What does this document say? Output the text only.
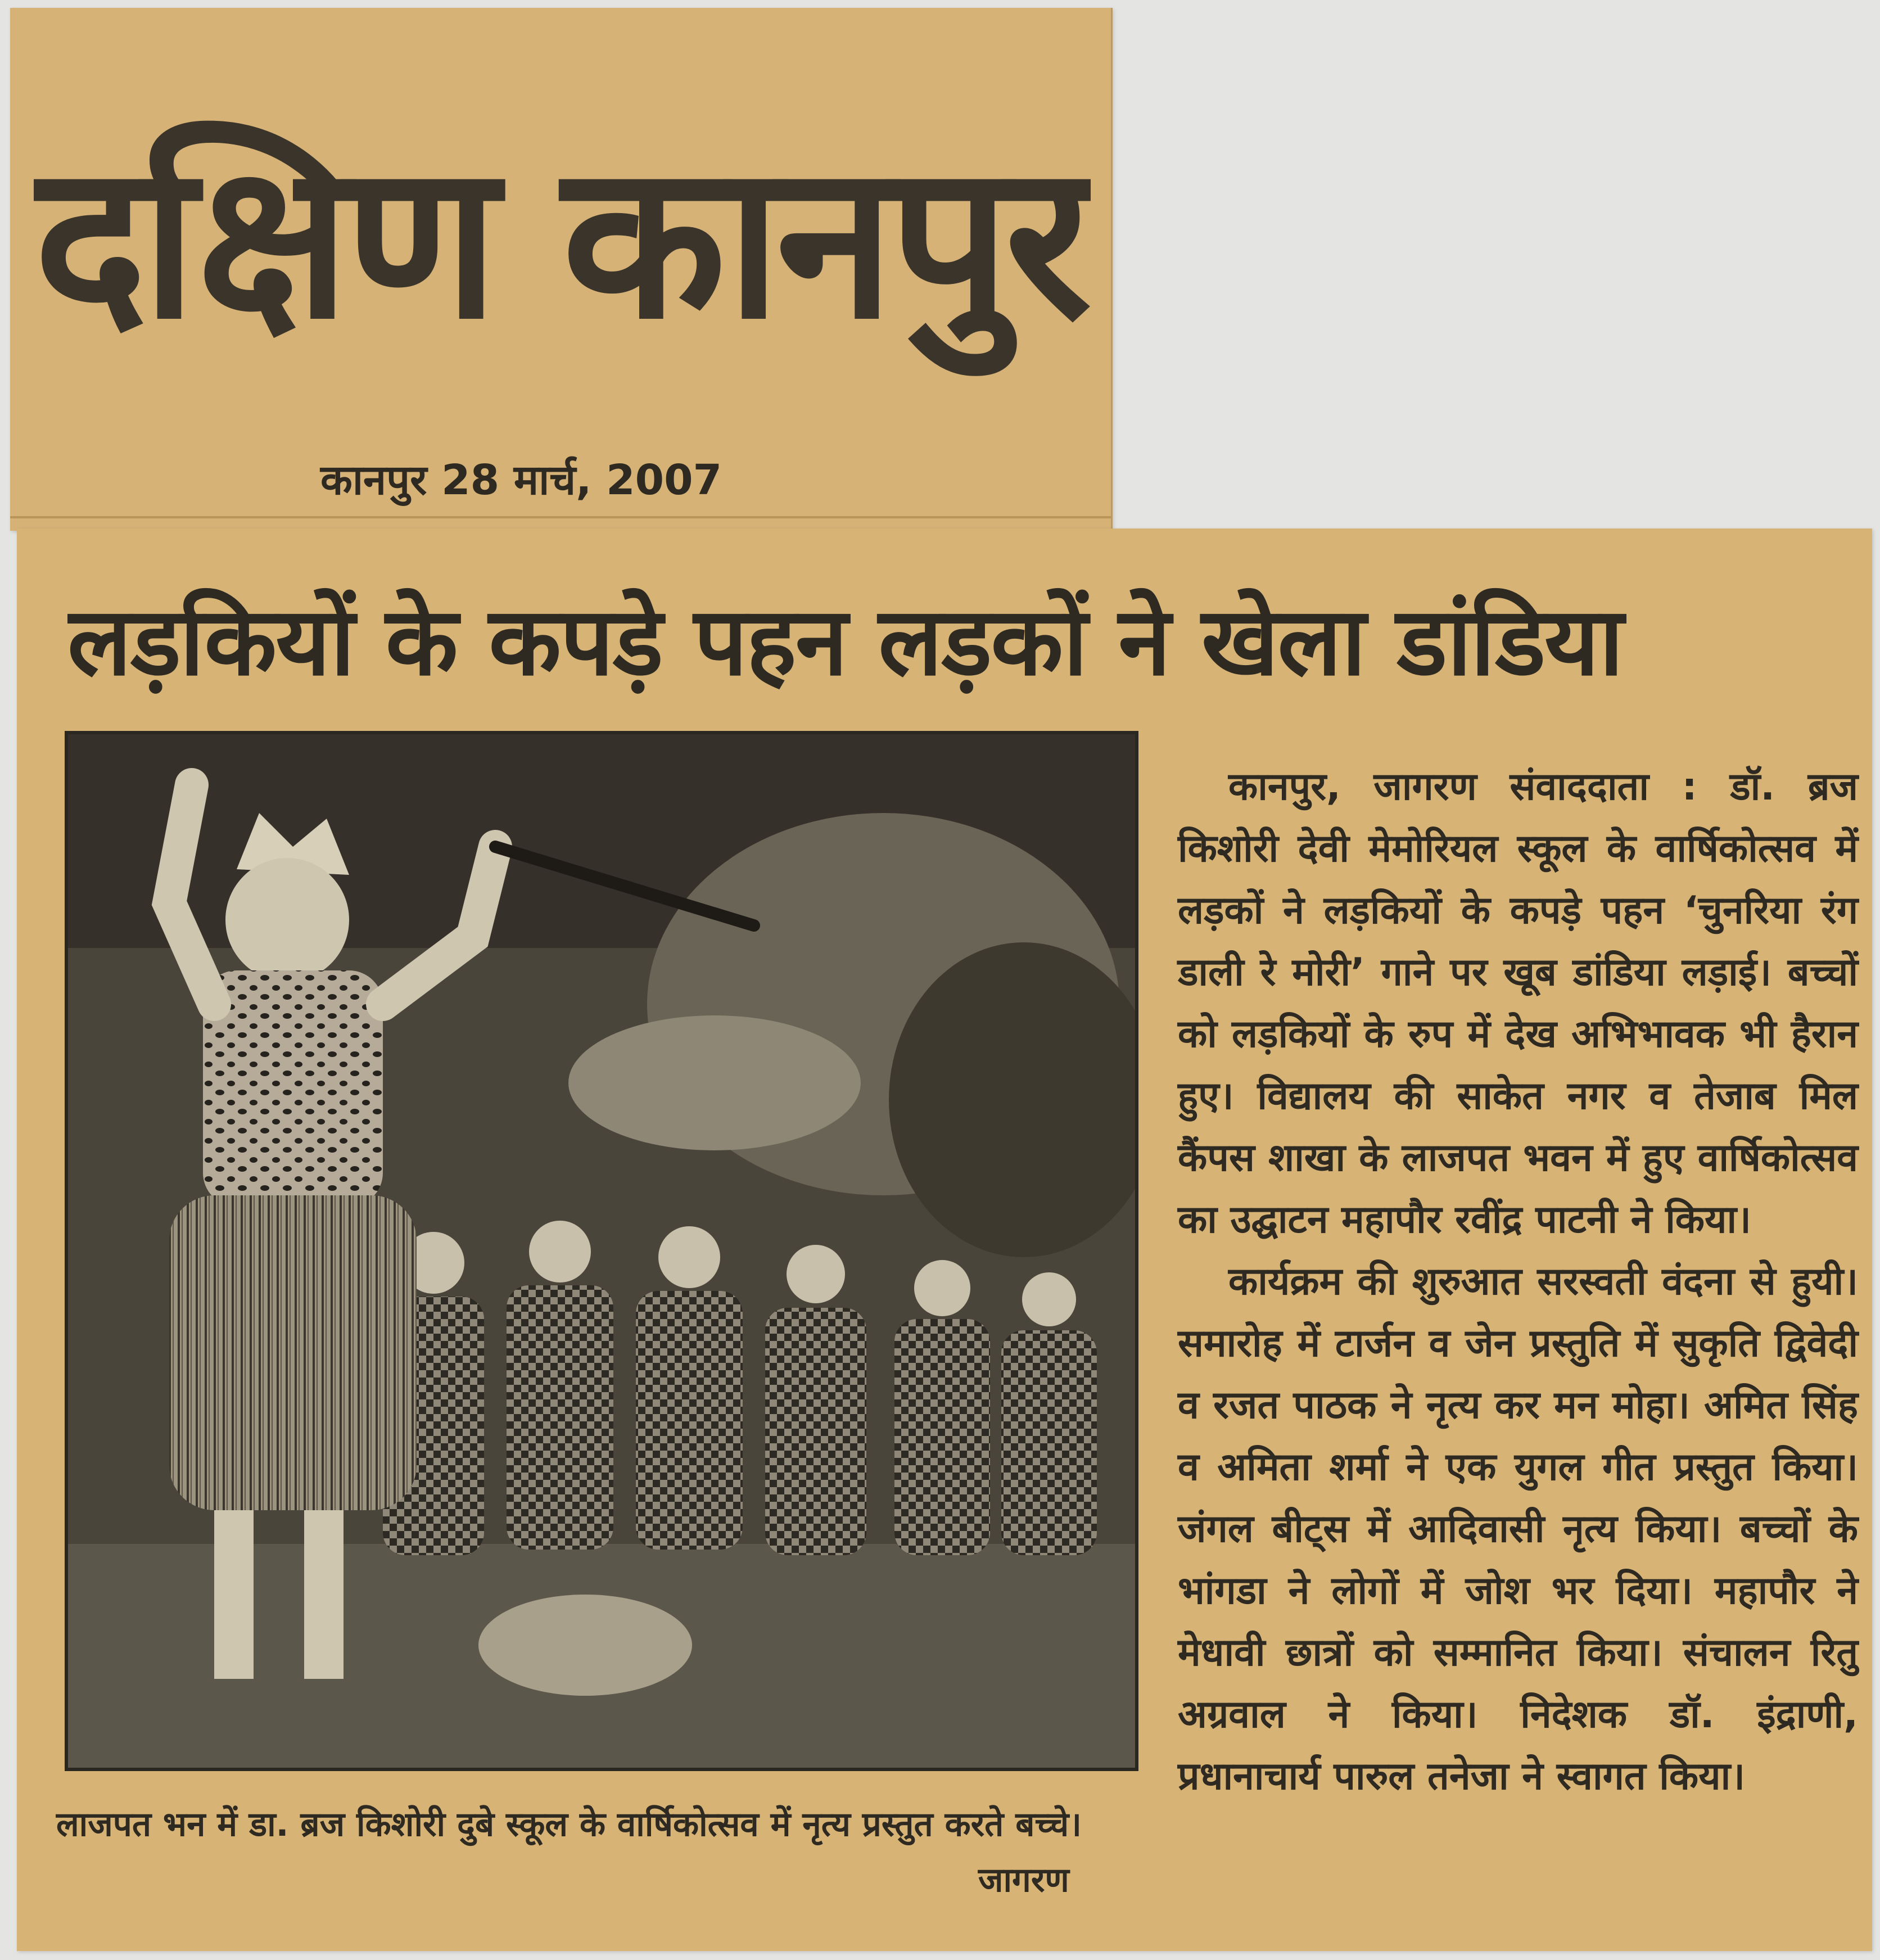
दक्षिण कानपुर
कानपुर 28 मार्च, 2007
लड़कियों के कपड़े पहन लड़कों ने खेला डांडिया
लाजपत भन में डा. ब्रज किशोरी दुबे स्कूल के वार्षिकोत्सव में नृत्य प्रस्तुत करते बच्चे।
जागरण

कानपुर, जागरण संवाददाता : डॉ. ब्रज किशोरी देवी मेमोरियल स्कूल के वार्षिकोत्सव में लड़कों ने लड़कियों के कपड़े पहन ‘चुनरिया रंग डाली रे मोरी’ गाने पर खूब डांडिया लड़ाई। बच्चों को लड़कियों के रुप में देख अभिभावक भी हैरान हुए। विद्यालय की साकेत नगर व तेजाब मिल कैंपस शाखा के लाजपत भवन में हुए वार्षिकोत्सव का उद्घाटन महापौर रवींद्र पाटनी ने किया।

कार्यक्रम की शुरुआत सरस्वती वंदना से हुयी। समारोह में टार्जन व जेन प्रस्तुति में सुकृति द्विवेदी व रजत पाठक ने नृत्य कर मन मोहा। अमित सिंह व अमिता शर्मा ने एक युगल गीत प्रस्तुत किया। जंगल बीट्स में आदिवासी नृत्य किया। बच्चों के भांगडा ने लोगों में जोश भर दिया। महापौर ने मेधावी छात्रों को सम्मानित किया। संचालन रितु अग्रवाल ने किया। निदेशक डॉ. इंद्राणी, प्रधानाचार्य पारुल तनेजा ने स्वागत किया।
